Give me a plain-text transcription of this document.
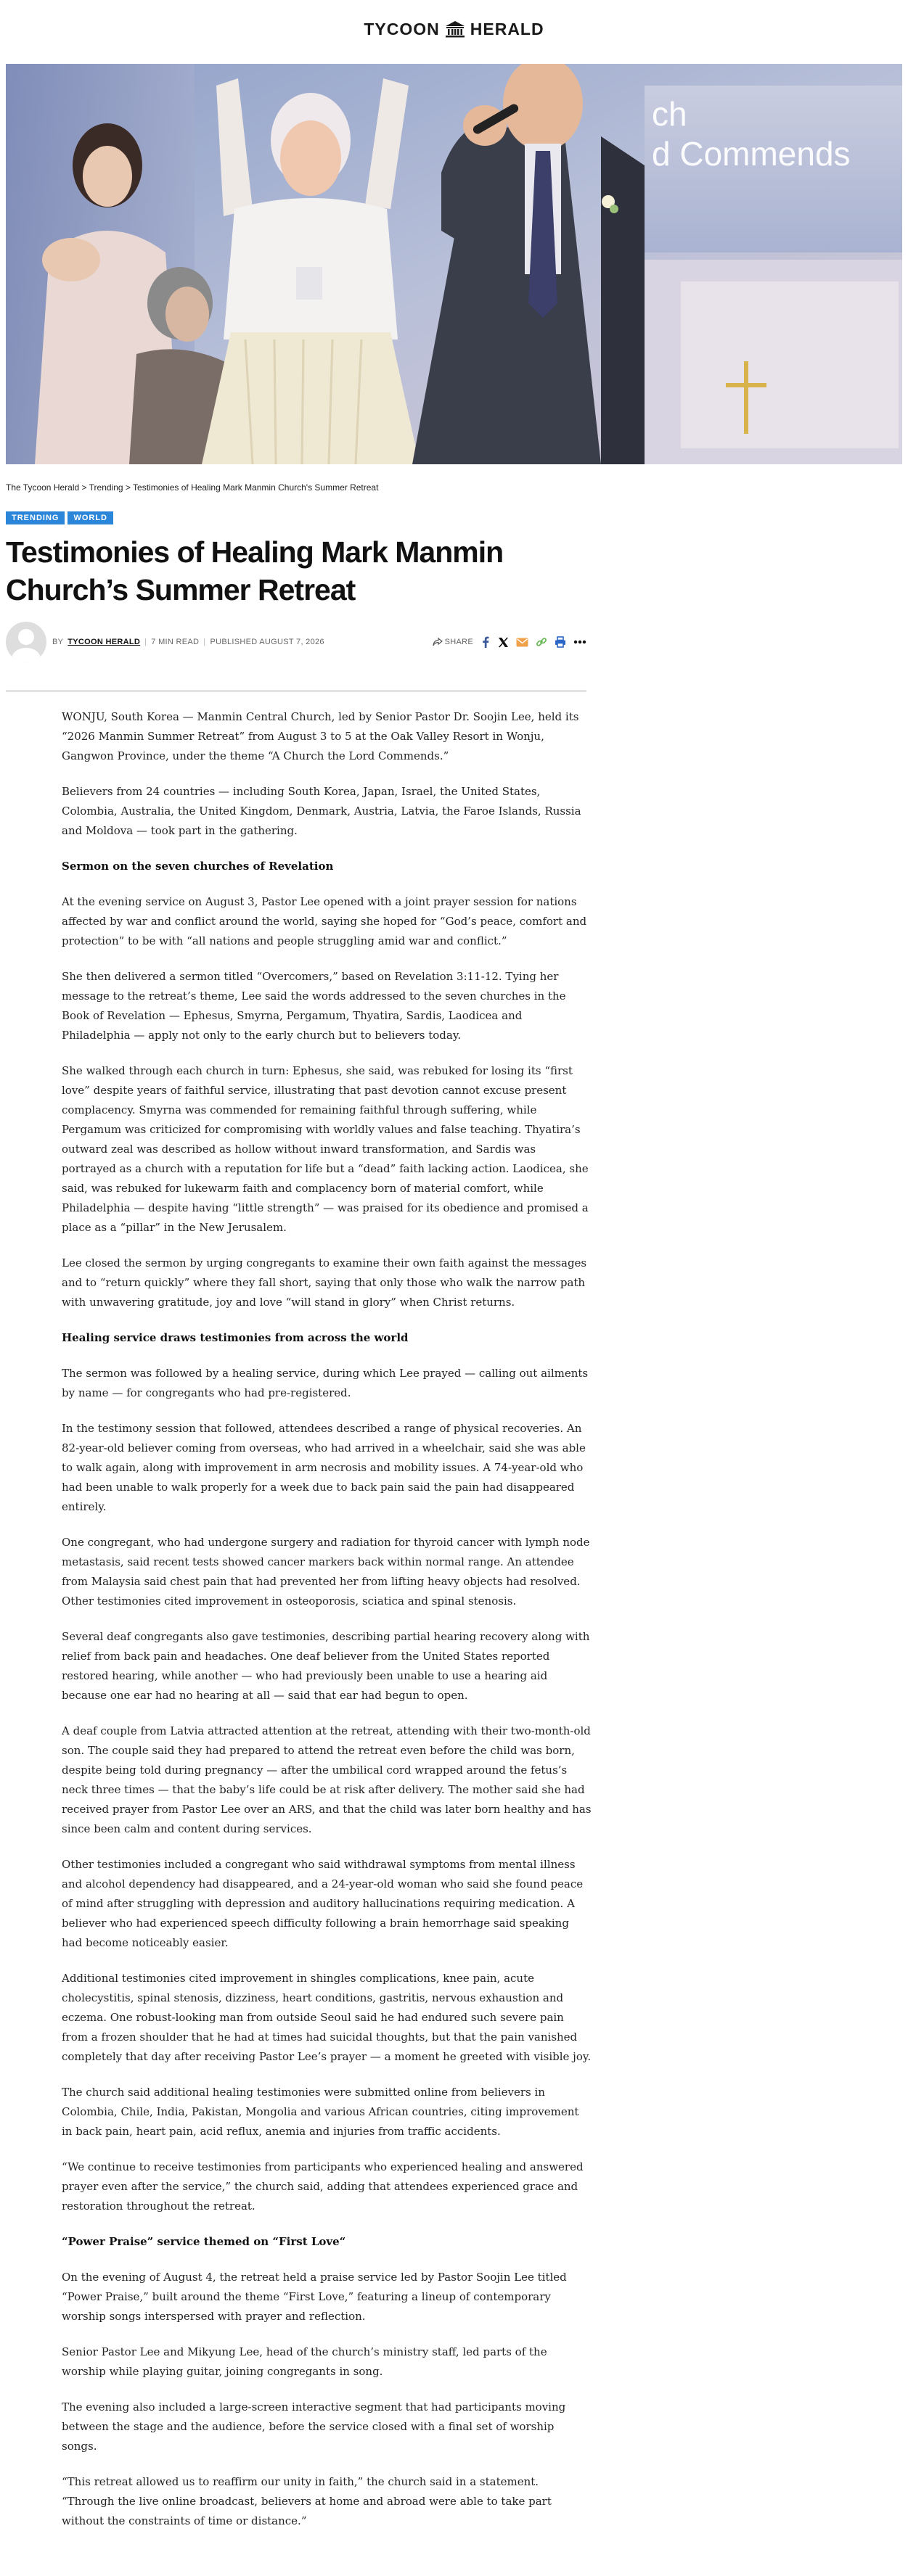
TYCOON HERALD
ch
d Commends
The Tycoon Herald > Trending > Testimonies of Healing Mark Manmin Church's Summer Retreat
TRENDING	WORLD
Testimonies of Healing Mark Manmin Church’s Summer Retreat
BY TYCOON HERALD | 7 MIN READ | PUBLISHED AUGUST 7, 2026	SHARE

WONJU, South Korea — Manmin Central Church, led by Senior Pastor Dr. Soojin Lee, held its “2026 Manmin Summer Retreat” from August 3 to 5 at the Oak Valley Resort in Wonju, Gangwon Province, under the theme “A Church the Lord Commends.”

Believers from 24 countries — including South Korea, Japan, Israel, the United States, Colombia, Australia, the United Kingdom, Denmark, Austria, Latvia, the Faroe Islands, Russia and Moldova — took part in the gathering.

Sermon on the seven churches of Revelation

At the evening service on August 3, Pastor Lee opened with a joint prayer session for nations affected by war and conflict around the world, saying she hoped for “God’s peace, comfort and protection” to be with “all nations and people struggling amid war and conflict.”

She then delivered a sermon titled “Overcomers,” based on Revelation 3:11-12. Tying her message to the retreat’s theme, Lee said the words addressed to the seven churches in the Book of Revelation — Ephesus, Smyrna, Pergamum, Thyatira, Sardis, Laodicea and Philadelphia — apply not only to the early church but to believers today.

She walked through each church in turn: Ephesus, she said, was rebuked for losing its “first love” despite years of faithful service, illustrating that past devotion cannot excuse present complacency. Smyrna was commended for remaining faithful through suffering, while Pergamum was criticized for compromising with worldly values and false teaching. Thyatira’s outward zeal was described as hollow without inward transformation, and Sardis was portrayed as a church with a reputation for life but a “dead” faith lacking action. Laodicea, she said, was rebuked for lukewarm faith and complacency born of material comfort, while Philadelphia — despite having “little strength” — was praised for its obedience and promised a place as a “pillar” in the New Jerusalem.

Lee closed the sermon by urging congregants to examine their own faith against the messages and to “return quickly” where they fall short, saying that only those who walk the narrow path with unwavering gratitude, joy and love “will stand in glory” when Christ returns.

Healing service draws testimonies from across the world

The sermon was followed by a healing service, during which Lee prayed — calling out ailments by name — for congregants who had pre-registered.

In the testimony session that followed, attendees described a range of physical recoveries. An 82-year-old believer coming from overseas, who had arrived in a wheelchair, said she was able to walk again, along with improvement in arm necrosis and mobility issues. A 74-year-old who had been unable to walk properly for a week due to back pain said the pain had disappeared entirely.

One congregant, who had undergone surgery and radiation for thyroid cancer with lymph node metastasis, said recent tests showed cancer markers back within normal range. An attendee from Malaysia said chest pain that had prevented her from lifting heavy objects had resolved. Other testimonies cited improvement in osteoporosis, sciatica and spinal stenosis.

Several deaf congregants also gave testimonies, describing partial hearing recovery along with relief from back pain and headaches. One deaf believer from the United States reported restored hearing, while another — who had previously been unable to use a hearing aid because one ear had no hearing at all — said that ear had begun to open.

A deaf couple from Latvia attracted attention at the retreat, attending with their two-month-old son. The couple said they had prepared to attend the retreat even before the child was born, despite being told during pregnancy — after the umbilical cord wrapped around the fetus’s neck three times — that the baby’s life could be at risk after delivery. The mother said she had received prayer from Pastor Lee over an ARS, and that the child was later born healthy and has since been calm and content during services.

Other testimonies included a congregant who said withdrawal symptoms from mental illness and alcohol dependency had disappeared, and a 24-year-old woman who said she found peace of mind after struggling with depression and auditory hallucinations requiring medication. A believer who had experienced speech difficulty following a brain hemorrhage said speaking had become noticeably easier.

Additional testimonies cited improvement in shingles complications, knee pain, acute cholecystitis, spinal stenosis, dizziness, heart conditions, gastritis, nervous exhaustion and eczema. One robust-looking man from outside Seoul said he had endured such severe pain from a frozen shoulder that he had at times had suicidal thoughts, but that the pain vanished completely that day after receiving Pastor Lee’s prayer — a moment he greeted with visible joy.

The church said additional healing testimonies were submitted online from believers in Colombia, Chile, India, Pakistan, Mongolia and various African countries, citing improvement in back pain, heart pain, acid reflux, anemia and injuries from traffic accidents.

“We continue to receive testimonies from participants who experienced healing and answered prayer even after the service,” the church said, adding that attendees experienced grace and restoration throughout the retreat.

“Power Praise” service themed on “First Love“

On the evening of August 4, the retreat held a praise service led by Pastor Soojin Lee titled “Power Praise,” built around the theme “First Love,” featuring a lineup of contemporary worship songs interspersed with prayer and reflection.

Senior Pastor Lee and Mikyung Lee, head of the church’s ministry staff, led parts of the worship while playing guitar, joining congregants in song.

The evening also included a large-screen interactive segment that had participants moving between the stage and the audience, before the service closed with a final set of worship songs.

“This retreat allowed us to reaffirm our unity in faith,” the church said in a statement. “Through the live online broadcast, believers at home and abroad were able to take part without the constraints of time or distance.”
